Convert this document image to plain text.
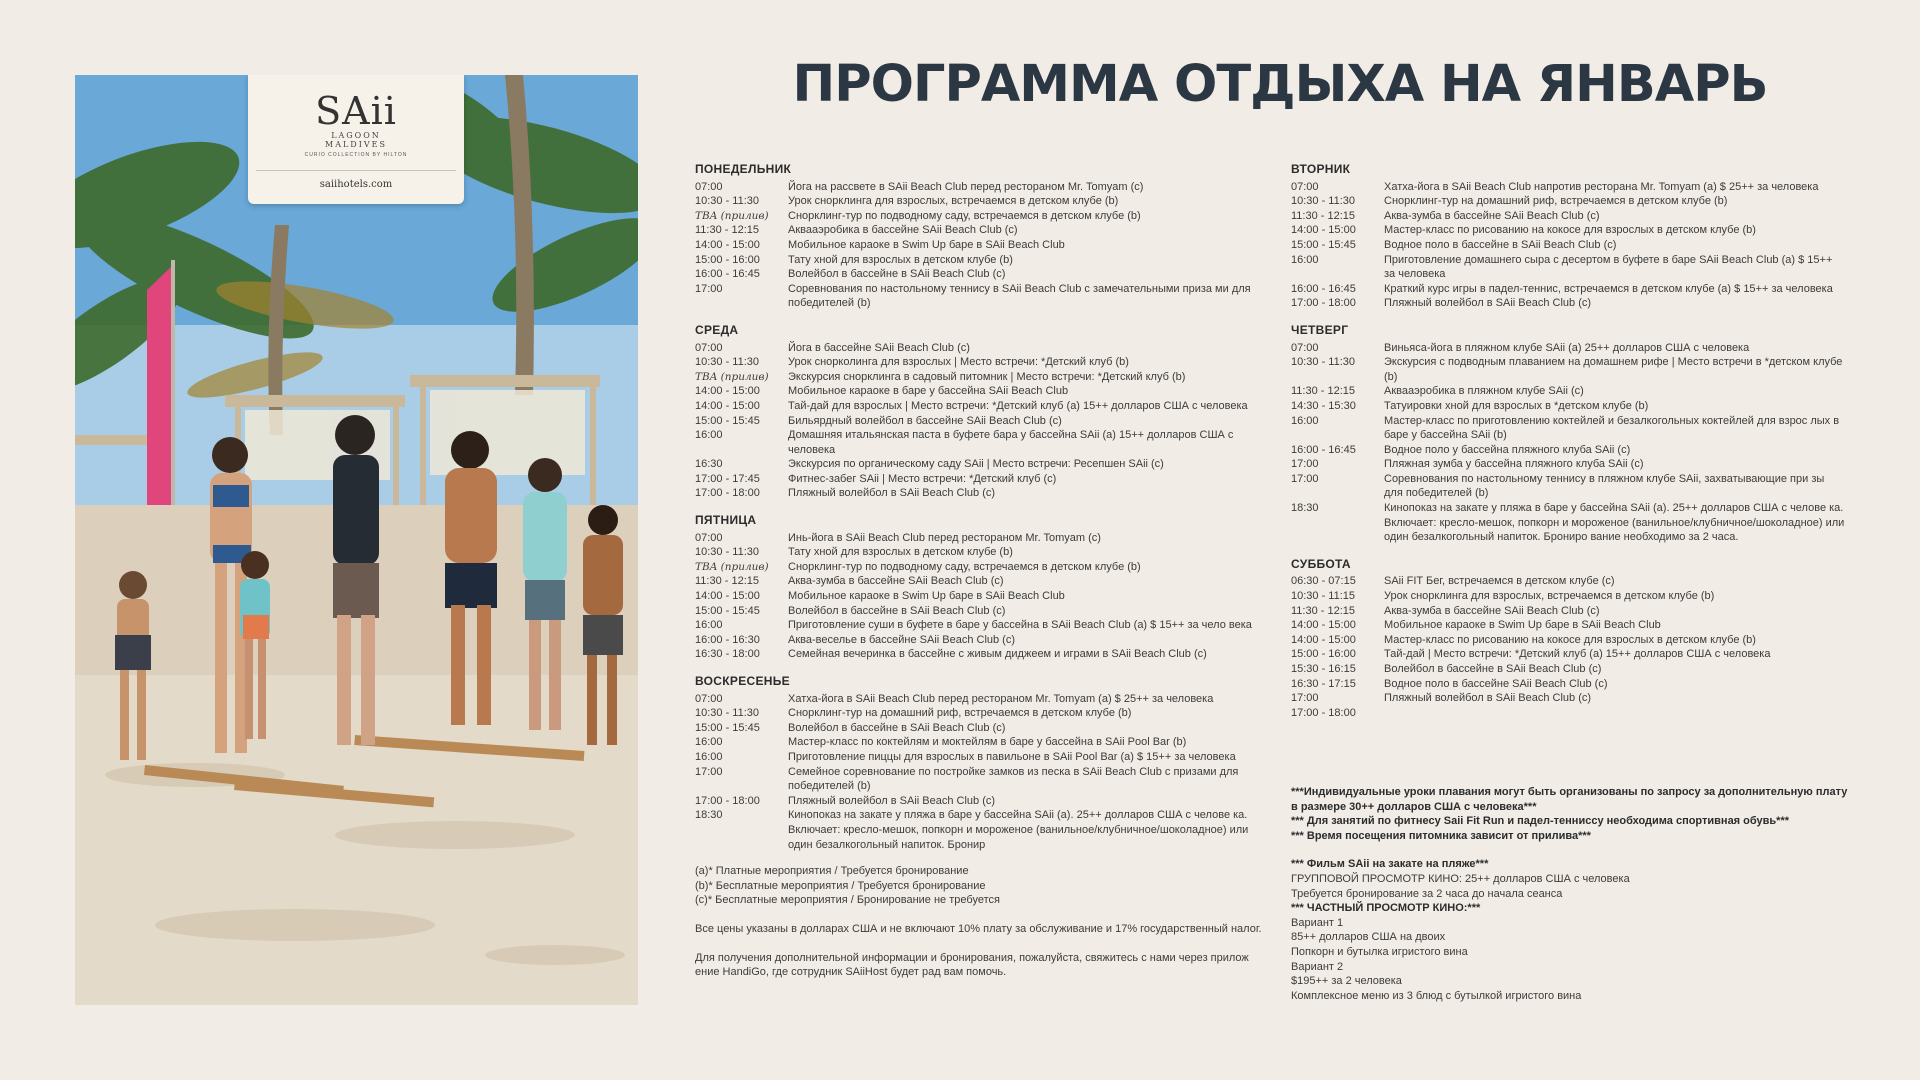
SAii
LAGOON
MALDIVES
CURIO COLLECTION BY HILTON
saiihotels.com
ПРОГРАММА ОТДЫХА НА ЯНВАРЬ
ПОНЕДЕЛЬНИК
07:00	Йога на рассвете в SAii Beach Club перед рестораном Mr. Tomyam (с)
10:30 - 11:30	Урок снорклинга для взрослых, встречаемся в детском клубе (b)
TBA (прилив)	Снорклинг-тур по подводному саду, встречаемся в детском клубе (b)
11:30 - 12:15	Аквааэробика в бассейне SAii Beach Club (c)
14:00 - 15:00	Мобильное караоке в Swim Up баре в SAii Beach Club
15:00 - 16:00	Тату хной для взрослых в детском клубе (b)
16:00 - 16:45	Волейбол в бассейне в SAii Beach Club (c)
17:00	Соревнования по настольному теннису в SAii Beach Club с замечательными приза ми для победителей (b)
СРЕДА
07:00	Йога в бассейне SAii Beach Club (c)
10:30 - 11:30	Урок снорколинга для взрослых | Место встречи: *Детский клуб (b)
TBA (прилив)	Экскурсия снорклинга в садовый питомник | Место встречи: *Детский клуб (b)
14:00 - 15:00	Мобильное караоке в баре у бассейна SAii Beach Club
14:00 - 15:00	Тай-дай для взрослых | Место встречи: *Детский клуб (a) 15++ долларов США с человека
15:00 - 15:45	Бильярдный волейбол в бассейне SAii Beach Club (c)
16:00	Домашняя итальянская паста в буфете бара у бассейна SAii (a) 15++ долларов США с человека
16:30	Экскурсия по органическому саду SAii | Место встречи: Ресепшен SAii (c)
17:00 - 17:45	Фитнес-забег SAii | Место встречи: *Детский клуб (c)
17:00 - 18:00	Пляжный волейбол в SAii Beach Club (c)
ПЯТНИЦА
07:00	Инь-йога в SAii Beach Club перед рестораном Mr. Tomyam (c)
10:30 - 11:30	Тату хной для взрослых в детском клубе (b)
TBA (прилив)	Снорклинг-тур по подводному саду, встречаемся в детском клубе (b)
11:30 - 12:15	Аква-зумба в бассейне SAii Beach Club (c)
14:00 - 15:00	Мобильное караоке в Swim Up баре в SAii Beach Club
15:00 - 15:45	Волейбол в бассейне в SAii Beach Club (c)
16:00	Приготовление суши в буфете в баре у бассейна в SAii Beach Club (a) $ 15++ за чело века
16:00 - 16:30	Аква-веселье в бассейне SAii Beach Club (c)
16:30 - 18:00	Семейная вечеринка в бассейне с живым диджеем и играми в SAii Beach Club (c)
ВОСКРЕСЕНЬЕ
07:00	Хатха-йога в SAii Beach Club перед рестораном Mr. Tomyam (a) $ 25++ за человека
10:30 - 11:30	Снорклинг-тур на домашний риф, встречаемся в детском клубе (b)
15:00 - 15:45	Волейбол в бассейне в SAii Beach Club (c)
16:00	Мастер-класс по коктейлям и моктейлям в баре у бассейна в SAii Pool Bar (b)
16:00	Приготовление пиццы для взрослых в павильоне в SAii Pool Bar (a) $ 15++ за человека
17:00	Семейное соревнование по постройке замков из песка в SAii Beach Club с призами для победителей (b)
17:00 - 18:00	Пляжный волейбол в SAii Beach Club (c)
18:30	Кинопоказ на закате у пляжа в баре у бассейна SAii (a). 25++ долларов США с челове ка. Включает: кресло-мешок, попкорн и мороженое (ванильное/клубничное/шоколадное) или один безалкогольный напиток. Бронир
(a)* Платные мероприятия / Требуется бронирование
(b)* Бесплатные мероприятия / Требуется бронирование
(c)* Бесплатные мероприятия / Бронирование не требуется
Все цены указаны в долларах США и не включают 10% плату за обслуживание и 17% государственный налог.
Для получения дополнительной информации и бронирования, пожалуйста, свяжитесь с нами через прилож ение HandiGo, где сотрудник SAiiHost будет рад вам помочь.
ВТОРНИК
07:00	Хатха-йога в SAii Beach Club напротив ресторана Mr. Tomyam (a) $ 25++ за человека
10:30 - 11:30	Снорклинг-тур на домашний риф, встречаемся в детском клубе (b)
11:30 - 12:15	Аква-зумба в бассейне SAii Beach Club (c)
14:00 - 15:00	Мастер-класс по рисованию на кокосе для взрослых в детском клубе (b)
15:00 - 15:45	Водное поло в бассейне в SAii Beach Club (c)
16:00	Приготовление домашнего сыра с десертом в буфете в баре SAii Beach Club (a) $ 15++ за человека
16:00 - 16:45	Краткий курс игры в падел-теннис, встречаемся в детском клубе (a) $ 15++ за человека
17:00 - 18:00	Пляжный волейбол в SAii Beach Club (c)
ЧЕТВЕРГ
07:00	Виньяса-йога в пляжном клубе SAii (a) 25++ долларов США с человека
10:30 - 11:30	Экскурсия с подводным плаванием на домашнем рифе | Место встречи в *детском клубе (b)
11:30 - 12:15	Аквааэробика в пляжном клубе SAii (c)
14:30 - 15:30	Татуировки хной для взрослых в *детском клубе (b)
16:00	Мастер-класс по приготовлению коктейлей и безалкогольных коктейлей для взрос лых в баре у бассейна SAii (b)
16:00 - 16:45	Водное поло у бассейна пляжного клуба SAii (c)
17:00	Пляжная зумба у бассейна пляжного клуба SAii (c)
17:00	Соревнования по настольному теннису в пляжном клубе SAii, захватывающие при зы для победителей (b)
18:30	Кинопоказ на закате у пляжа в баре у бассейна SAii (a). 25++ долларов США с челове ка. Включает: кресло-мешок, попкорн и мороженое (ванильное/клубничное/шоколадное) или один безалкогольный напиток. Брониро вание необходимо за 2 часа.
СУББОТА
06:30 - 07:15	SAii FIT Бег, встречаемся в детском клубе (c)
10:30 - 11:15	Урок снорклинга для взрослых, встречаемся в детском клубе (b)
11:30 - 12:15	Аква-зумба в бассейне SAii Beach Club (c)
14:00 - 15:00	Мобильное караоке в Swim Up баре в SAii Beach Club
14:00 - 15:00	Мастер-класс по рисованию на кокосе для взрослых в детском клубе (b)
15:00 - 16:00	Тай-дай | Место встречи: *Детский клуб (a) 15++ долларов США с человека
15:30 - 16:15	Волейбол в бассейне в SAii Beach Club (c)
16:30 - 17:15	Водное поло в бассейне SAii Beach Club (c)
17:00	Пляжный волейбол в SAii Beach Club (c)
17:00 - 18:00
***Индивидуальные уроки плавания могут быть организованы по запросу за дополнительную плату в размере 30++ долларов США с человека***
*** Для занятий по фитнесу Saii Fit Run и падел-тенниссу необходима спортивная обувь***
*** Время посещения питомника зависит от прилива***
*** Фильм SAii на закате на пляже***
ГРУППОВОЙ ПРОСМОТР КИНО: 25++ долларов США с человека
Требуется бронирование за 2 часа до начала сеанса
*** ЧАСТНЫЙ ПРОСМОТР КИНО:***
Вариант 1
85++ долларов США на двоих
Попкорн и бутылка игристого вина
Вариант 2
$195++ за 2 человека
Комплексное меню из 3 блюд с бутылкой игристого вина
